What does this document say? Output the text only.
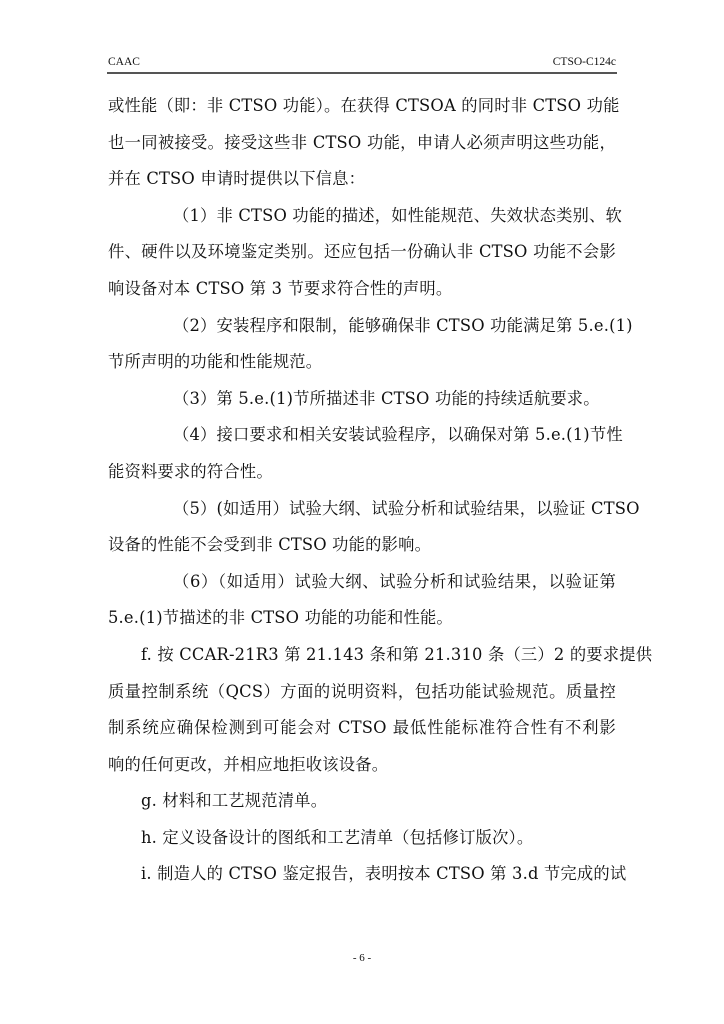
CAAC	CTSO-C124c
或性能（即：非 CTSO 功能）。在获得 CTSOA 的同时非 CTSO 功能
也一同被接受。接受这些非 CTSO 功能，申请人必须声明这些功能，
并在 CTSO 申请时提供以下信息：
（1）非 CTSO 功能的描述，如性能规范、失效状态类别、软
件、硬件以及环境鉴定类别。还应包括一份确认非 CTSO 功能不会影
响设备对本 CTSO 第 3 节要求符合性的声明。
（2）安装程序和限制，能够确保非 CTSO 功能满足第 5.e.(1)
节所声明的功能和性能规范。
（3）第 5.e.(1)节所描述非 CTSO 功能的持续适航要求。
（4）接口要求和相关安装试验程序，以确保对第 5.e.(1)节性
能资料要求的符合性。
（5）(如适用）试验大纲、试验分析和试验结果，以验证 CTSO
设备的性能不会受到非 CTSO 功能的影响。
（6）（如适用）试验大纲、试验分析和试验结果，以验证第
5.e.(1)节描述的非 CTSO 功能的功能和性能。
f. 按 CCAR-21R3 第 21.143 条和第 21.310 条（三）2 的要求提供
质量控制系统（QCS）方面的说明资料，包括功能试验规范。质量控
制系统应确保检测到可能会对 CTSO 最低性能标准符合性有不利影
响的任何更改，并相应地拒收该设备。
g. 材料和工艺规范清单。
h. 定义设备设计的图纸和工艺清单（包括修订版次）。
i. 制造人的 CTSO 鉴定报告，表明按本 CTSO 第 3.d 节完成的试
- 6 -
